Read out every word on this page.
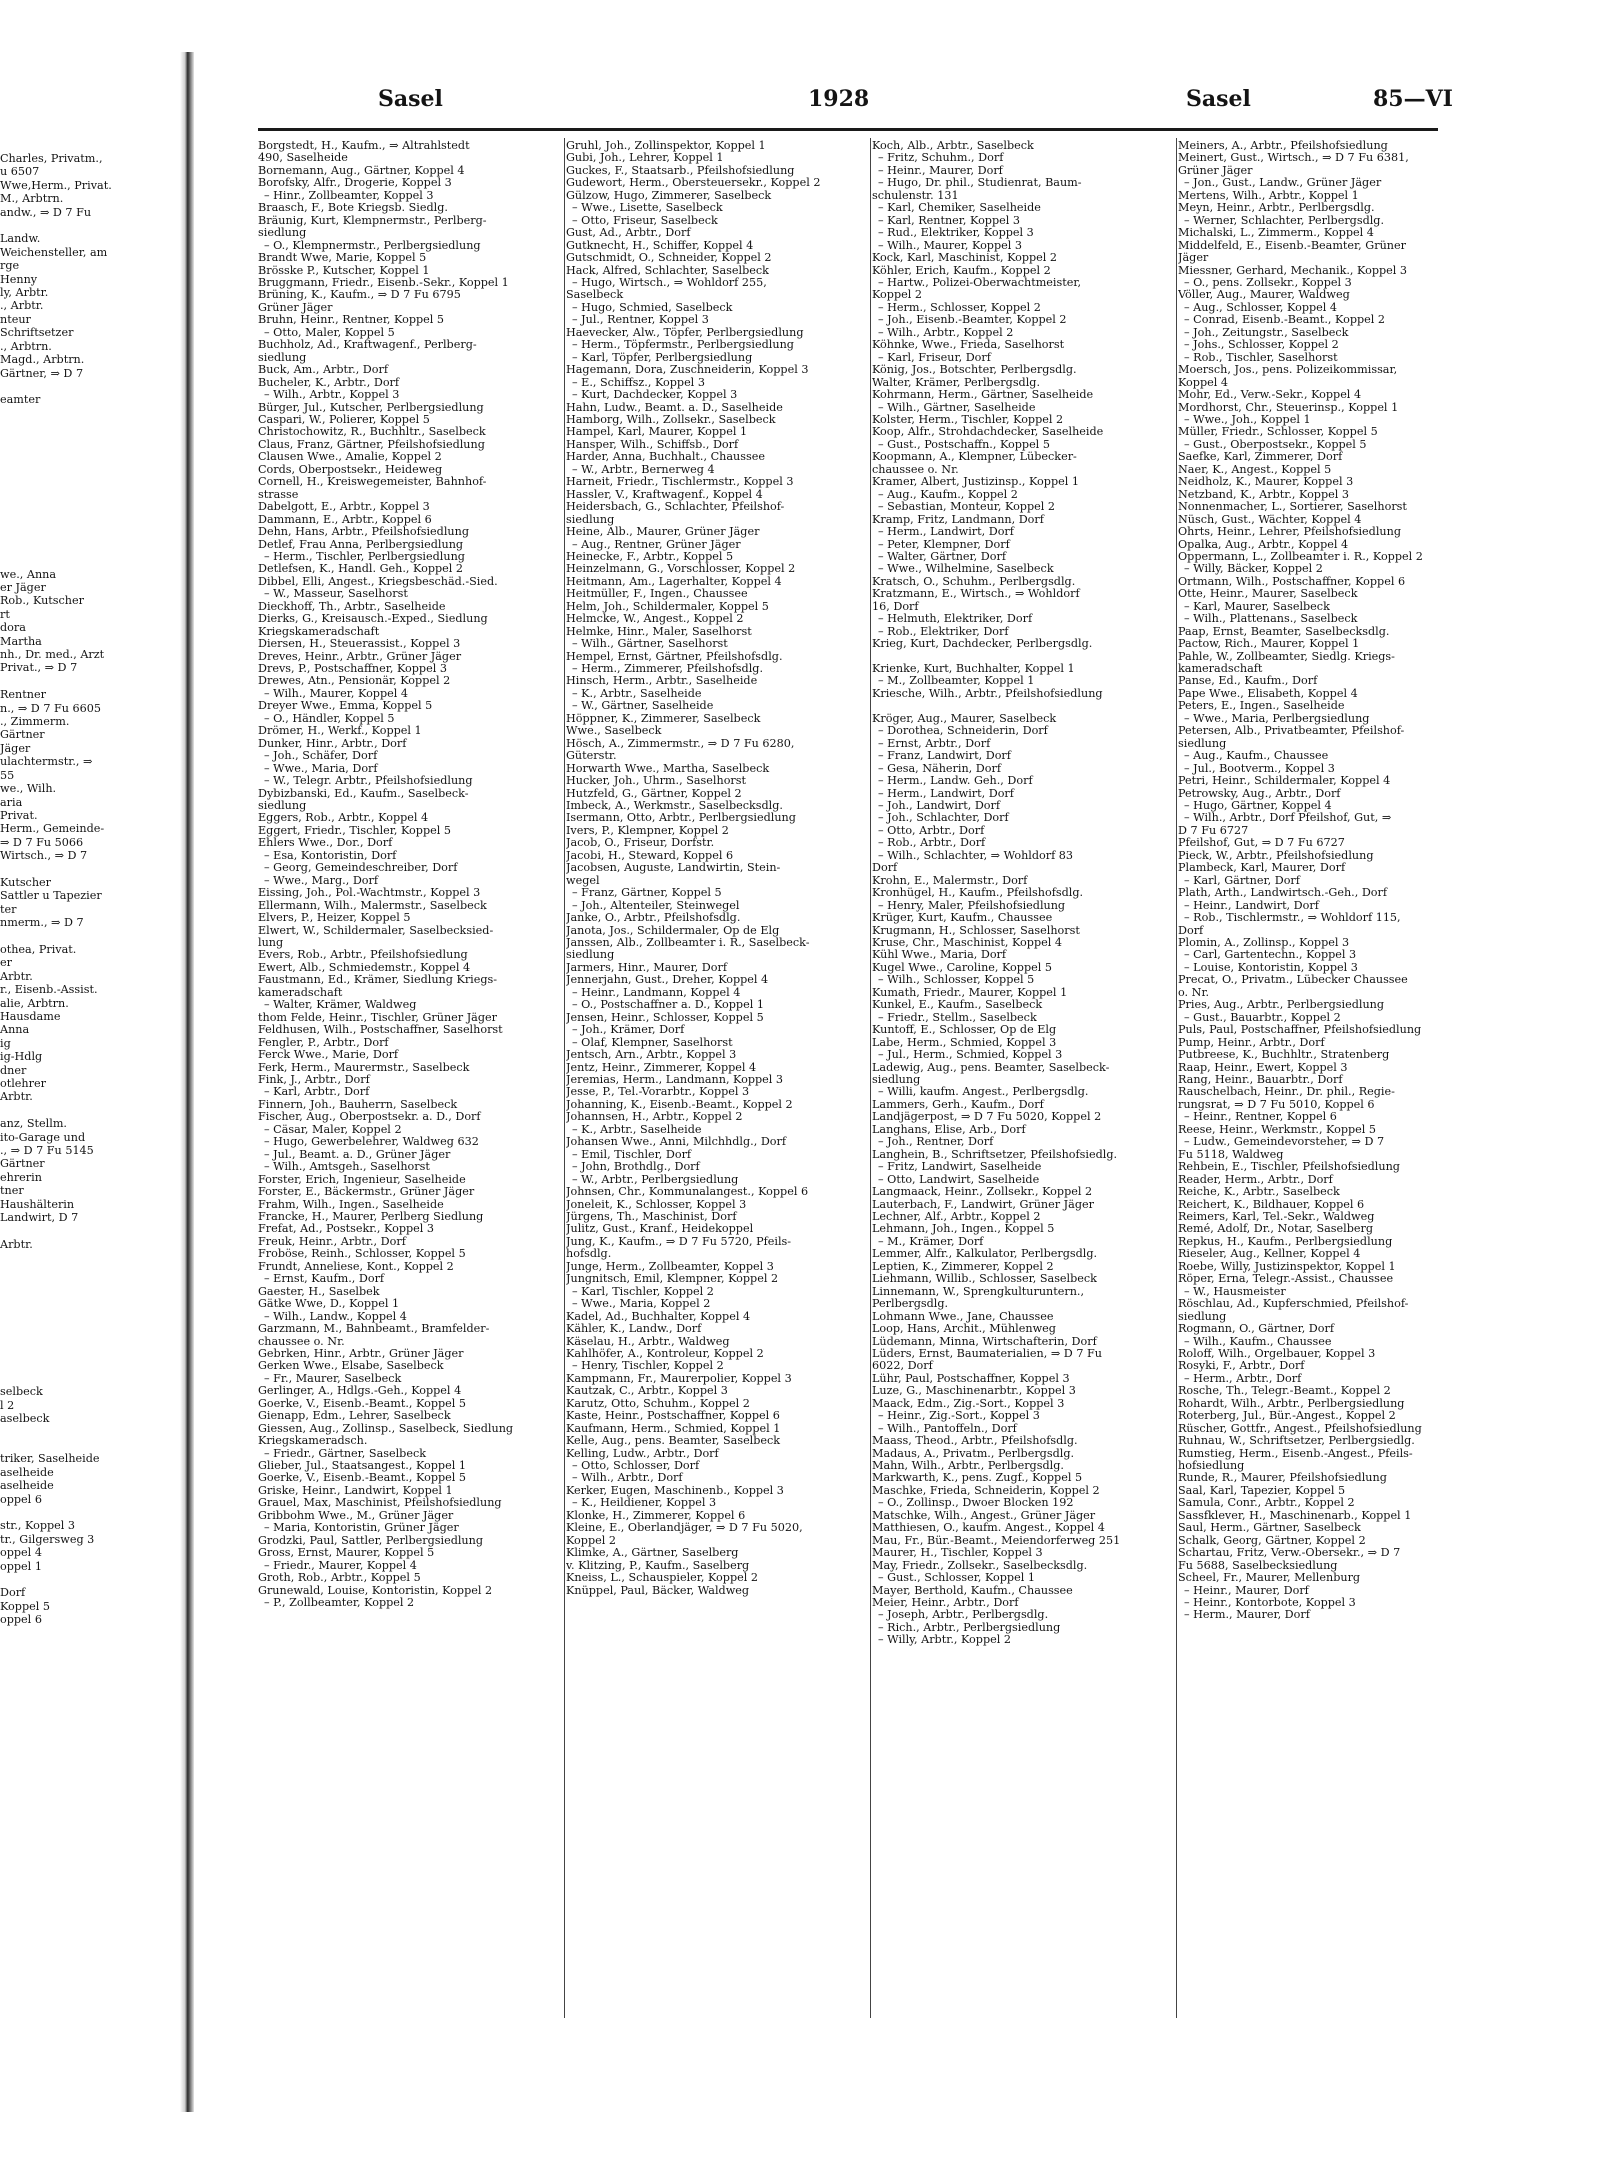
Charles, Privatm.,
u 6507
Wwe,Herm., Privat.
M., Arbtrn.
andw., ⇒ D 7 Fu

Landw.
Weichensteller, am
rge
Henny
ly, Arbtr.
., Arbtr.
nteur
Schriftsetzer
., Arbtrn.
Magd., Arbtrn.
Gärtner, ⇒ D 7

eamter

we., Anna
er Jäger
Rob., Kutscher
rt
dora
Martha
nh., Dr. med., Arzt
Privat., ⇒ D 7

Rentner
n., ⇒ D 7 Fu 6605
., Zimmerm.
Gärtner
Jäger
ulachtermstr., ⇒
55
we., Wilh.
aria
Privat.
Herm., Gemeinde-
⇒ D 7 Fu 5066
Wirtsch., ⇒ D 7

Kutscher
Sattler u Tapezier
ter
nmerm., ⇒ D 7

othea, Privat.
er
Arbtr.
r., Eisenb.-Assist.
alie, Arbtrn.
Hausdame
Anna
ig
ig-Hdlg
dner
otlehrer
Arbtr.

anz, Stellm.
ito-Garage und
., ⇒ D 7 Fu 5145
Gärtner
ehrerin
tner
Haushälterin
Landwirt, D 7

Arbtr.

selbeck
l 2
aselbeck

triker, Saselheide
aselheide
aselheide
oppel 6

str., Koppel 3
tr., Gilgersweg 3
oppel 4
oppel 1

Dorf
Koppel 5
oppel 6
Sasel	1928	Sasel	85—VI
Borgstedt, H., Kaufm., ⇒ Altrahlstedt
490, Saselheide
Bornemann, Aug., Gärtner, Koppel 4
Borofsky, Alfr., Drogerie, Koppel 3
– Hinr., Zollbeamter, Koppel 3
Braasch, F., Bote Kriegsb. Siedlg.
Bräunig, Kurt, Klempnermstr., Perlberg-
siedlung
– O., Klempnermstr., Perlbergsiedlung
Brandt Wwe, Marie, Koppel 5
Brösske P., Kutscher, Koppel 1
Bruggmann, Friedr., Eisenb.-Sekr., Koppel 1
Brüning, K., Kaufm., ⇒ D 7 Fu 6795
Grüner Jäger
Bruhn, Heinr., Rentner, Koppel 5
– Otto, Maler, Koppel 5
Buchholz, Ad., Kraftwagenf., Perlberg-
siedlung
Buck, Am., Arbtr., Dorf
Bucheler, K., Arbtr., Dorf
– Wilh., Arbtr., Koppel 3
Bürger, Jul., Kutscher, Perlbergsiedlung
Caspari, W., Polierer, Koppel 5
Christochowitz, R., Buchhltr., Saselbeck
Claus, Franz, Gärtner, Pfeilshofsiedlung
Clausen Wwe., Amalie, Koppel 2
Cords, Oberpostsekr., Heideweg
Cornell, H., Kreiswegemeister, Bahnhof-
strasse
Dabelgott, E., Arbtr., Koppel 3
Dammann, E., Arbtr., Koppel 6
Dehn, Hans, Arbtr., Pfeilshofsiedlung
Detlef, Frau Anna, Perlbergsiedlung
– Herm., Tischler, Perlbergsiedlung
Detlefsen, K., Handl. Geh., Koppel 2
Dibbel, Elli, Angest., Kriegsbeschäd.-Sied.
– W., Masseur, Saselhorst
Dieckhoff, Th., Arbtr., Saselheide
Dierks, G., Kreisausch.-Exped., Siedlung
Kriegskameradschaft
Diersen, H., Steuerassist., Koppel 3
Dreves, Heinr., Arbtr., Grüner Jäger
Drevs, P., Postschaffner, Koppel 3
Drewes, Atn., Pensionär, Koppel 2
– Wilh., Maurer, Koppel 4
Dreyer Wwe., Emma, Koppel 5
– O., Händler, Koppel 5
Drömer, H., Werkf., Koppel 1
Dunker, Hinr., Arbtr., Dorf
– Joh., Schäfer, Dorf
– Wwe., Maria, Dorf
– W., Telegr. Arbtr., Pfeilshofsiedlung
Dybizbanski, Ed., Kaufm., Saselbeck-
siedlung
Eggers, Rob., Arbtr., Koppel 4
Eggert, Friedr., Tischler, Koppel 5
Ehlers Wwe., Dor., Dorf
– Esa, Kontoristin, Dorf
– Georg, Gemeindeschreiber, Dorf
– Wwe., Marg., Dorf
Eissing, Joh., Pol.-Wachtmstr., Koppel 3
Ellermann, Wilh., Malermstr., Saselbeck
Elvers, P., Heizer, Koppel 5
Elwert, W., Schildermaler, Saselbecksied-
lung
Evers, Rob., Arbtr., Pfeilshofsiedlung
Ewert, Alb., Schmiedemstr., Koppel 4
Faustmann, Ed., Krämer, Siedlung Kriegs-
kameradschaft
– Walter, Krämer, Waldweg
thom Felde, Heinr., Tischler, Grüner Jäger
Feldhusen, Wilh., Postschaffner, Saselhorst
Fengler, P., Arbtr., Dorf
Ferck Wwe., Marie, Dorf
Ferk, Herm., Maurermstr., Saselbeck
Fink, J., Arbtr., Dorf
– Karl, Arbtr., Dorf
Finnern, Joh., Bauherrn, Saselbeck
Fischer, Aug., Oberpostsekr. a. D., Dorf
– Cäsar, Maler, Koppel 2
– Hugo, Gewerbelehrer, Waldweg 632
– Jul., Beamt. a. D., Grüner Jäger
– Wilh., Amtsgeh., Saselhorst
Forster, Erich, Ingenieur, Saselheide
Forster, E., Bäckermstr., Grüner Jäger
Frahm, Wilh., Ingen., Saselheide
Francke, H., Maurer, Perlberg Siedlung
Frefat, Ad., Postsekr., Koppel 3
Freuk, Heinr., Arbtr., Dorf
Froböse, Reinh., Schlosser, Koppel 5
Frundt, Anneliese, Kont., Koppel 2
– Ernst, Kaufm., Dorf
Gaester, H., Saselbek
Gätke Wwe, D., Koppel 1
– Wilh., Landw., Koppel 4
Garzmann, M., Bahnbeamt., Bramfelder-
chaussee o. Nr.
Gebrken, Hinr., Arbtr., Grüner Jäger
Gerken Wwe., Elsabe, Saselbeck
– Fr., Maurer, Saselbeck
Gerlinger, A., Hdlgs.-Geh., Koppel 4
Goerke, V., Eisenb.-Beamt., Koppel 5
Gienapp, Edm., Lehrer, Saselbeck
Giessen, Aug., Zollinsp., Saselbeck, Siedlung
Kriegskameradsch.
– Friedr., Gärtner, Saselbeck
Glieber, Jul., Staatsangest., Koppel 1
Goerke, V., Eisenb.-Beamt., Koppel 5
Griske, Heinr., Landwirt, Koppel 1
Grauel, Max, Maschinist, Pfeilshofsiedlung
Gribbohm Wwe., M., Grüner Jäger
– Maria, Kontoristin, Grüner Jäger
Grodzki, Paul, Sattler, Perlbergsiedlung
Gross, Ernst, Maurer, Koppel 5
– Friedr., Maurer, Koppel 4
Groth, Rob., Arbtr., Koppel 5
Grunewald, Louise, Kontoristin, Koppel 2
– P., Zollbeamter, Koppel 2
Gruhl, Joh., Zollinspektor, Koppel 1
Gubi, Joh., Lehrer, Koppel 1
Guckes, F., Staatsarb., Pfeilshofsiedlung
Gudewort, Herm., Obersteuersekr., Koppel 2
Gülzow, Hugo, Zimmerer, Saselbeck
– Wwe., Lisette, Saselbeck
– Otto, Friseur, Saselbeck
Gust, Ad., Arbtr., Dorf
Gutknecht, H., Schiffer, Koppel 4
Gutschmidt, O., Schneider, Koppel 2
Hack, Alfred, Schlachter, Saselbeck
– Hugo, Wirtsch., ⇒ Wohldorf 255,
Saselbeck
– Hugo, Schmied, Saselbeck
– Jul., Rentner, Koppel 3
Haevecker, Alw., Töpfer, Perlbergsiedlung
– Herm., Töpfermstr., Perlbergsiedlung
– Karl, Töpfer, Perlbergsiedlung
Hagemann, Dora, Zuschneiderin, Koppel 3
– E., Schiffsz., Koppel 3
– Kurt, Dachdecker, Koppel 3
Hahn, Ludw., Beamt. a. D., Saselheide
Hamborg, Wilh., Zollsekr., Saselbeck
Hampel, Karl, Maurer, Koppel 1
Hansper, Wilh., Schiffsb., Dorf
Harder, Anna, Buchhalt., Chaussee
– W., Arbtr., Bernerweg 4
Harneit, Friedr., Tischlermstr., Koppel 3
Hassler, V., Kraftwagenf., Koppel 4
Heidersbach, G., Schlachter, Pfeilshof-
siedlung
Heine, Alb., Maurer, Grüner Jäger
– Aug., Rentner, Grüner Jäger
Heinecke, F., Arbtr., Koppel 5
Heinzelmann, G., Vorschlosser, Koppel 2
Heitmann, Am., Lagerhalter, Koppel 4
Heitmüller, F., Ingen., Chaussee
Helm, Joh., Schildermaler, Koppel 5
Helmcke, W., Angest., Koppel 2
Helmke, Hinr., Maler, Saselhorst
– Wilh., Gärtner, Saselhorst
Hempel, Ernst, Gärtner, Pfeilshofsdlg.
– Herm., Zimmerer, Pfeilshofsdlg.
Hinsch, Herm., Arbtr., Saselheide
– K., Arbtr., Saselheide
– W., Gärtner, Saselheide
Höppner, K., Zimmerer, Saselbeck
Wwe., Saselbeck
Hösch, A., Zimmermstr., ⇒ D 7 Fu 6280,
Güterstr.
Horwarth Wwe., Martha, Saselbeck
Hucker, Joh., Uhrm., Saselhorst
Hutzfeld, G., Gärtner, Koppel 2
Imbeck, A., Werkmstr., Saselbecksdlg.
Isermann, Otto, Arbtr., Perlbergsiedlung
Ivers, P., Klempner, Koppel 2
Jacob, O., Friseur, Dorfstr.
Jacobi, H., Steward, Koppel 6
Jacobsen, Auguste, Landwirtin, Stein-
wegel
– Franz, Gärtner, Koppel 5
– Joh., Altenteiler, Steinwegel
Janke, O., Arbtr., Pfeilshofsdlg.
Janota, Jos., Schildermaler, Op de Elg
Janssen, Alb., Zollbeamter i. R., Saselbeck-
siedlung
Jarmers, Hinr., Maurer, Dorf
Jennerjahn, Gust., Dreher, Koppel 4
– Heinr., Landmann, Koppel 4
– O., Postschaffner a. D., Koppel 1
Jensen, Heinr., Schlosser, Koppel 5
– Joh., Krämer, Dorf
– Olaf, Klempner, Saselhorst
Jentsch, Arn., Arbtr., Koppel 3
Jentz, Heinr., Zimmerer, Koppel 4
Jeremias, Herm., Landmann, Koppel 3
Jesse, P., Tel.-Vorarbtr., Koppel 3
Johanning, K., Eisenb.-Beamt., Koppel 2
Johannsen, H., Arbtr., Koppel 2
– K., Arbtr., Saselheide
Johansen Wwe., Anni, Milchhdlg., Dorf
– Emil, Tischler, Dorf
– John, Brothdlg., Dorf
– W., Arbtr., Perlbergsiedlung
Johnsen, Chr., Kommunalangest., Koppel 6
Joneleit, K., Schlosser, Koppel 3
Jürgens, Th., Maschinist, Dorf
Julitz, Gust., Kranf., Heidekoppel
Jung, K., Kaufm., ⇒ D 7 Fu 5720, Pfeils-
hofsdlg.
Junge, Herm., Zollbeamter, Koppel 3
Jungnitsch, Emil, Klempner, Koppel 2
– Karl, Tischler, Koppel 2
– Wwe., Maria, Koppel 2
Kadel, Ad., Buchhalter, Koppel 4
Kähler, K., Landw., Dorf
Käselau, H., Arbtr., Waldweg
Kahlhöfer, A., Kontroleur, Koppel 2
– Henry, Tischler, Koppel 2
Kampmann, Fr., Maurerpolier, Koppel 3
Kautzak, C., Arbtr., Koppel 3
Karutz, Otto, Schuhm., Koppel 2
Kaste, Heinr., Postschaffner, Koppel 6
Kaufmann, Herm., Schmied, Koppel 1
Kelle, Aug., pens. Beamter, Saselbeck
Kelling, Ludw., Arbtr., Dorf
– Otto, Schlosser, Dorf
– Wilh., Arbtr., Dorf
Kerker, Eugen, Maschinenb., Koppel 3
– K., Heildiener, Koppel 3
Klonke, H., Zimmerer, Koppel 6
Kleine, E., Oberlandjäger, ⇒ D 7 Fu 5020,
Koppel 2
Klimke, A., Gärtner, Saselberg
v. Klitzing, P., Kaufm., Saselberg
Kneiss, L., Schauspieler, Koppel 2
Knüppel, Paul, Bäcker, Waldweg
Koch, Alb., Arbtr., Saselbeck
– Fritz, Schuhm., Dorf
– Heinr., Maurer, Dorf
– Hugo, Dr. phil., Studienrat, Baum-
schulenstr. 131
– Karl, Chemiker, Saselheide
– Karl, Rentner, Koppel 3
– Rud., Elektriker, Koppel 3
– Wilh., Maurer, Koppel 3
Kock, Karl, Maschinist, Koppel 2
Köhler, Erich, Kaufm., Koppel 2
– Hartw., Polizei-Oberwachtmeister,
Koppel 2
– Herm., Schlosser, Koppel 2
– Joh., Eisenb.-Beamter, Koppel 2
– Wilh., Arbtr., Koppel 2
Köhnke, Wwe., Frieda, Saselhorst
– Karl, Friseur, Dorf
König, Jos., Botschter, Perlbergsdlg.
Walter, Krämer, Perlbergsdlg.
Kohrmann, Herm., Gärtner, Saselheide
– Wilh., Gärtner, Saselheide
Kolster, Herm., Tischler, Koppel 2
Koop, Alfr., Strohdachdecker, Saselheide
– Gust., Postschaffn., Koppel 5
Koopmann, A., Klempner, Lübecker-
chaussee o. Nr.
Kramer, Albert, Justizinsp., Koppel 1
– Aug., Kaufm., Koppel 2
– Sebastian, Monteur, Koppel 2
Kramp, Fritz, Landmann, Dorf
– Herm., Landwirt, Dorf
– Peter, Klempner, Dorf
– Walter, Gärtner, Dorf
– Wwe., Wilhelmine, Saselbeck
Kratsch, O., Schuhm., Perlbergsdlg.
Kratzmann, E., Wirtsch., ⇒ Wohldorf
16, Dorf
– Helmuth, Elektriker, Dorf
– Rob., Elektriker, Dorf
Krieg, Kurt, Dachdecker, Perlbergsdlg.

Krienke, Kurt, Buchhalter, Koppel 1
– M., Zollbeamter, Koppel 1
Kriesche, Wilh., Arbtr., Pfeilshofsiedlung

Kröger, Aug., Maurer, Saselbeck
– Dorothea, Schneiderin, Dorf
– Ernst, Arbtr., Dorf
– Franz, Landwirt, Dorf
– Gesa, Näherin, Dorf
– Herm., Landw. Geh., Dorf
– Herm., Landwirt, Dorf
– Joh., Landwirt, Dorf
– Joh., Schlachter, Dorf
– Otto, Arbtr., Dorf
– Rob., Arbtr., Dorf
– Wilh., Schlachter, ⇒ Wohldorf 83
Dorf
Krohn, E., Malermstr., Dorf
Kronhügel, H., Kaufm., Pfeilshofsdlg.
– Henry, Maler, Pfeilshofsiedlung
Krüger, Kurt, Kaufm., Chaussee
Krugmann, H., Schlosser, Saselhorst
Kruse, Chr., Maschinist, Koppel 4
Kühl Wwe., Maria, Dorf
Kugel Wwe., Caroline, Koppel 5
– Wilh., Schlosser, Koppel 5
Kumath, Friedr., Maurer, Koppel 1
Kunkel, E., Kaufm., Saselbeck
– Friedr., Stellm., Saselbeck
Kuntoff, E., Schlosser, Op de Elg
Labe, Herm., Schmied, Koppel 3
– Jul., Herm., Schmied, Koppel 3
Ladewig, Aug., pens. Beamter, Saselbeck-
siedlung
– Willi, kaufm. Angest., Perlbergsdlg.
Lammers, Gerh., Kaufm., Dorf
Landjägerpost, ⇒ D 7 Fu 5020, Koppel 2
Langhans, Elise, Arb., Dorf
– Joh., Rentner, Dorf
Langhein, B., Schriftsetzer, Pfeilshofsiedlg.
– Fritz, Landwirt, Saselheide
– Otto, Landwirt, Saselheide
Langmaack, Heinr., Zollsekr., Koppel 2
Lauterbach, F., Landwirt, Grüner Jäger
Lechner, Alf., Arbtr., Koppel 2
Lehmann, Joh., Ingen., Koppel 5
– M., Krämer, Dorf
Lemmer, Alfr., Kalkulator, Perlbergsdlg.
Leptien, K., Zimmerer, Koppel 2
Liehmann, Willib., Schlosser, Saselbeck
Linnemann, W., Sprengkulturuntern.,
Perlbergsdlg.
Lohmann Wwe., Jane, Chaussee
Loop, Hans, Archit., Mühlenweg
Lüdemann, Minna, Wirtschafterin, Dorf
Lüders, Ernst, Baumaterialien, ⇒ D 7 Fu
6022, Dorf
Lühr, Paul, Postschaffner, Koppel 3
Luze, G., Maschinenarbtr., Koppel 3
Maack, Edm., Zig.-Sort., Koppel 3
– Heinr., Zig.-Sort., Koppel 3
– Wilh., Pantoffeln., Dorf
Maass, Theod., Arbtr., Pfeilshofsdlg.
Madaus, A., Privatm., Perlbergsdlg.
Mahn, Wilh., Arbtr., Perlbergsdlg.
Markwarth, K., pens. Zugf., Koppel 5
Maschke, Frieda, Schneiderin, Koppel 2
– O., Zollinsp., Dwoer Blocken 192
Matschke, Wilh., Angest., Grüner Jäger
Matthiesen, O., kaufm. Angest., Koppel 4
Mau, Fr., Bür.-Beamt., Meiendorferweg 251
Maurer, H., Tischler, Koppel 3
May, Friedr., Zollsekr., Saselbecksdlg.
– Gust., Schlosser, Koppel 1
Mayer, Berthold, Kaufm., Chaussee
Meier, Heinr., Arbtr., Dorf
– Joseph, Arbtr., Perlbergsdlg.
– Rich., Arbtr., Perlbergsiedlung
– Willy, Arbtr., Koppel 2
Meiners, A., Arbtr., Pfeilshofsiedlung
Meinert, Gust., Wirtsch., ⇒ D 7 Fu 6381,
Grüner Jäger
– Jon., Gust., Landw., Grüner Jäger
Mertens, Wilh., Arbtr., Koppel 1
Meyn, Heinr., Arbtr., Perlbergsdlg.
– Werner, Schlachter, Perlbergsdlg.
Michalski, L., Zimmerm., Koppel 4
Middelfeld, E., Eisenb.-Beamter, Grüner
Jäger
Miessner, Gerhard, Mechanik., Koppel 3
– O., pens. Zollsekr., Koppel 3
Völler, Aug., Maurer, Waldweg
– Aug., Schlosser, Koppel 4
– Conrad, Eisenb.-Beamt., Koppel 2
– Joh., Zeitungstr., Saselbeck
– Johs., Schlosser, Koppel 2
– Rob., Tischler, Saselhorst
Moersch, Jos., pens. Polizeikommissar,
Koppel 4
Mohr, Ed., Verw.-Sekr., Koppel 4
Mordhorst, Chr., Steuerinsp., Koppel 1
– Wwe., Joh., Koppel 1
Müller, Friedr., Schlosser, Koppel 5
– Gust., Oberpostsekr., Koppel 5
Saefke, Karl, Zimmerer, Dorf
Naer, K., Angest., Koppel 5
Neidholz, K., Maurer, Koppel 3
Netzband, K., Arbtr., Koppel 3
Nonnenmacher, L., Sortierer, Saselhorst
Nüsch, Gust., Wächter, Koppel 4
Ohrts, Heinr., Lehrer, Pfeilshofsiedlung
Opalka, Aug., Arbtr., Koppel 4
Oppermann, L., Zollbeamter i. R., Koppel 2
– Willy, Bäcker, Koppel 2
Ortmann, Wilh., Postschaffner, Koppel 6
Otte, Heinr., Maurer, Saselbeck
– Karl, Maurer, Saselbeck
– Wilh., Plattenans., Saselbeck
Paap, Ernst, Beamter, Saselbecksdlg.
Pactow, Rich., Maurer, Koppel 1
Pahle, W., Zollbeamter, Siedlg. Kriegs-
kameradschaft
Panse, Ed., Kaufm., Dorf
Pape Wwe., Elisabeth, Koppel 4
Peters, E., Ingen., Saselheide
– Wwe., Maria, Perlbergsiedlung
Petersen, Alb., Privatbeamter, Pfeilshof-
siedlung
– Aug., Kaufm., Chaussee
– Jul., Bootverm., Koppel 3
Petri, Heinr., Schildermaler, Koppel 4
Petrowsky, Aug., Arbtr., Dorf
– Hugo, Gärtner, Koppel 4
– Wilh., Arbtr., Dorf Pfeilshof, Gut, ⇒
D 7 Fu 6727
Pfeilshof, Gut, ⇒ D 7 Fu 6727
Pieck, W., Arbtr., Pfeilshofsiedlung
Plambeck, Karl, Maurer, Dorf
– Karl, Gärtner, Dorf
Plath, Arth., Landwirtsch.-Geh., Dorf
– Heinr., Landwirt, Dorf
– Rob., Tischlermstr., ⇒ Wohldorf 115,
Dorf
Plomin, A., Zollinsp., Koppel 3
– Carl, Gartentechn., Koppel 3
– Louise, Kontoristin, Koppel 3
Precat, O., Privatm., Lübecker Chaussee
o. Nr.
Pries, Aug., Arbtr., Perlbergsiedlung
– Gust., Bauarbtr., Koppel 2
Puls, Paul, Postschaffner, Pfeilshofsiedlung
Pump, Heinr., Arbtr., Dorf
Putbreese, K., Buchhltr., Stratenberg
Raap, Heinr., Ewert, Koppel 3
Rang, Heinr., Bauarbtr., Dorf
Rauschelbach, Heinr., Dr. phil., Regie-
rungsrat, ⇒ D 7 Fu 5010, Koppel 6
– Heinr., Rentner, Koppel 6
Reese, Heinr., Werkmstr., Koppel 5
– Ludw., Gemeindevorsteher, ⇒ D 7
Fu 5118, Waldweg
Rehbein, E., Tischler, Pfeilshofsiedlung
Reader, Herm., Arbtr., Dorf
Reiche, K., Arbtr., Saselbeck
Reichert, K., Bildhauer, Koppel 6
Reimers, Karl, Tel.-Sekr., Waldweg
Remé, Adolf, Dr., Notar, Saselberg
Repkus, H., Kaufm., Perlbergsiedlung
Rieseler, Aug., Kellner, Koppel 4
Roebe, Willy, Justizinspektor, Koppel 1
Röper, Erna, Telegr.-Assist., Chaussee
– W., Hausmeister
Röschlau, Ad., Kupferschmied, Pfeilshof-
siedlung
Rogmann, O., Gärtner, Dorf
– Wilh., Kaufm., Chaussee
Roloff, Wilh., Orgelbauer, Koppel 3
Rosyki, F., Arbtr., Dorf
– Herm., Arbtr., Dorf
Rosche, Th., Telegr.-Beamt., Koppel 2
Rohardt, Wilh., Arbtr., Perlbergsiedlung
Roterberg, Jul., Bür.-Angest., Koppel 2
Rüscher, Gottfr., Angest., Pfeilshofsiedlung
Ruhnau, W., Schriftsetzer, Perlbergsiedlg.
Rumstieg, Herm., Eisenb.-Angest., Pfeils-
hofsiedlung
Runde, R., Maurer, Pfeilshofsiedlung
Saal, Karl, Tapezier, Koppel 5
Samula, Conr., Arbtr., Koppel 2
Sassfklever, H., Maschinenarb., Koppel 1
Saul, Herm., Gärtner, Saselbeck
Schalk, Georg, Gärtner, Koppel 2
Schartau, Fritz, Verw.-Obersekr., ⇒ D 7
Fu 5688, Saselbecksiedlung
Scheel, Fr., Maurer, Mellenburg
– Heinr., Maurer, Dorf
– Heinr., Kontorbote, Koppel 3
– Herm., Maurer, Dorf
